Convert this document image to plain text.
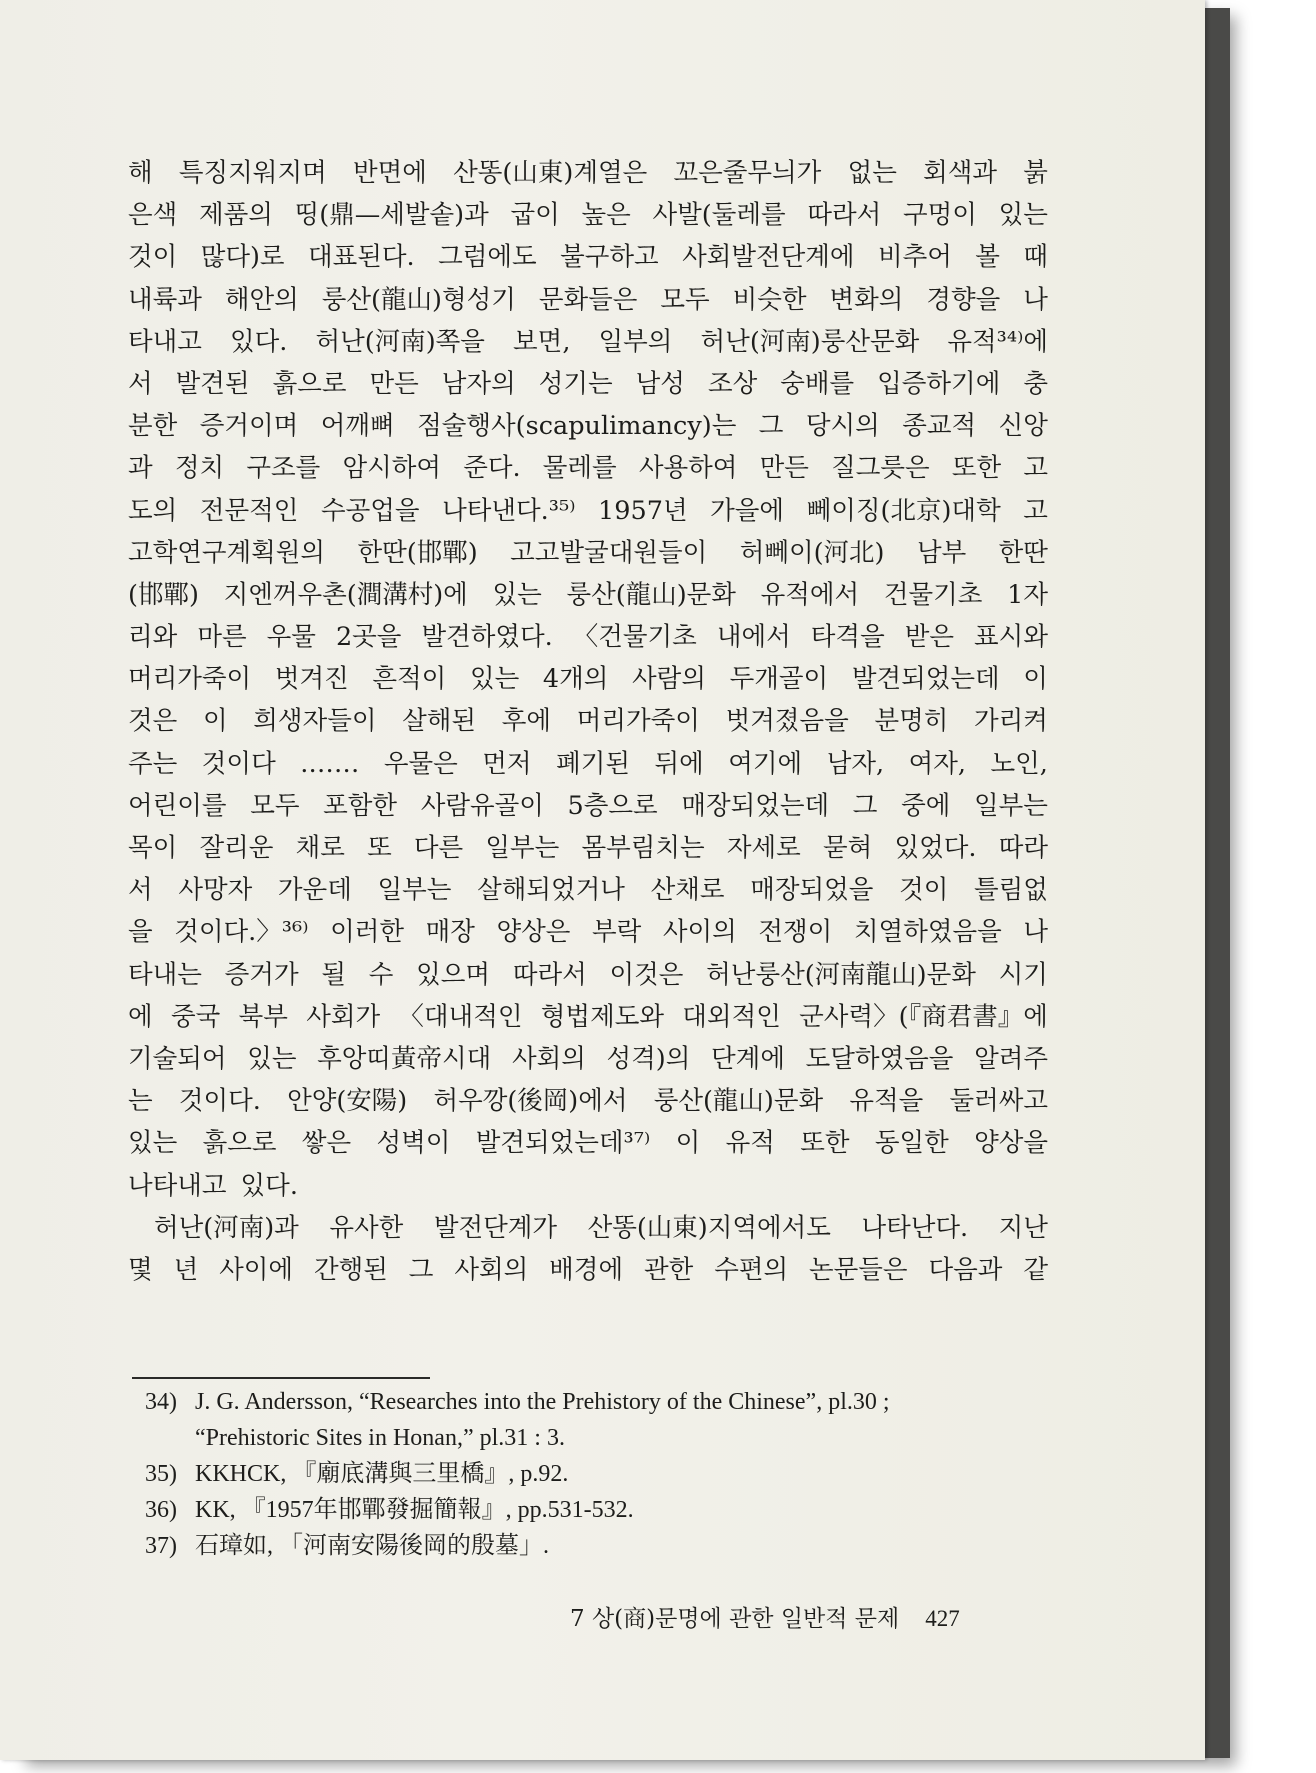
해 특징지워지며 반면에 산똥(山東)계열은 꼬은줄무늬가 없는 회색과 붉
은색 제품의 띵(鼎—세발솥)과 굽이 높은 사발(둘레를 따라서 구멍이 있는
것이 많다)로 대표된다. 그럼에도 불구하고 사회발전단계에 비추어 볼 때
내륙과 해안의 룽산(龍山)형성기 문화들은 모두 비슷한 변화의 경향을 나
타내고 있다. 허난(河南)쪽을 보면, 일부의 허난(河南)룽산문화 유적³⁴⁾에
서 발견된 흙으로 만든 남자의 성기는 남성 조상 숭배를 입증하기에 충
분한 증거이며 어깨뼈 점술행사(scapulimancy)는 그 당시의 종교적 신앙
과 정치 구조를 암시하여 준다. 물레를 사용하여 만든 질그릇은 또한 고
도의 전문적인 수공업을 나타낸다.³⁵⁾ 1957년 가을에 뻬이징(北京)대학 고
고학연구계획원의 한딴(邯鄲) 고고발굴대원들이 허뻬이(河北) 남부 한딴
(邯鄲) 지엔꺼우촌(澗溝村)에 있는 룽산(龍山)문화 유적에서 건물기초 1자
리와 마른 우물 2곳을 발견하였다. 〈건물기초 내에서 타격을 받은 표시와
머리가죽이 벗겨진 흔적이 있는 4개의 사람의 두개골이 발견되었는데 이
것은 이 희생자들이 살해된 후에 머리가죽이 벗겨졌음을 분명히 가리켜
주는 것이다 .…… 우물은 먼저 폐기된 뒤에 여기에 남자, 여자, 노인,
어린이를 모두 포함한 사람유골이 5층으로 매장되었는데 그 중에 일부는
목이 잘리운 채로 또 다른 일부는 몸부림치는 자세로 묻혀 있었다. 따라
서 사망자 가운데 일부는 살해되었거나 산채로 매장되었을 것이 틀림없
을 것이다.〉³⁶⁾ 이러한 매장 양상은 부락 사이의 전쟁이 치열하였음을 나
타내는 증거가 될 수 있으며 따라서 이것은 허난룽산(河南龍山)문화 시기
에 중국 북부 사회가 〈대내적인 형법제도와 대외적인 군사력〉(『商君書』에
기술되어 있는 후앙띠黃帝시대 사회의 성격)의 단계에 도달하였음을 알려주
는 것이다. 안양(安陽) 허우깡(後岡)에서 룽산(龍山)문화 유적을 둘러싸고
있는 흙으로 쌓은 성벽이 발견되었는데³⁷⁾ 이 유적 또한 동일한 양상을
나타내고 있다.
허난(河南)과 유사한 발전단계가 산똥(山東)지역에서도 나타난다. 지난
몇 년 사이에 간행된 그 사회의 배경에 관한 수편의 논문들은 다음과 같
34) J. G. Andersson, “Researches into the Prehistory of the Chinese”, pl.30 ;
“Prehistoric Sites in Honan,” pl.31 : 3.
35) KKHCK, 『廟底溝與三里橋』, p.92.
36) KK, 『1957年邯鄲發掘簡報』, pp.531-532.
37) 石璋如, 「河南安陽後岡的殷墓」.
7 상(商)문명에 관한 일반적 문제 427
